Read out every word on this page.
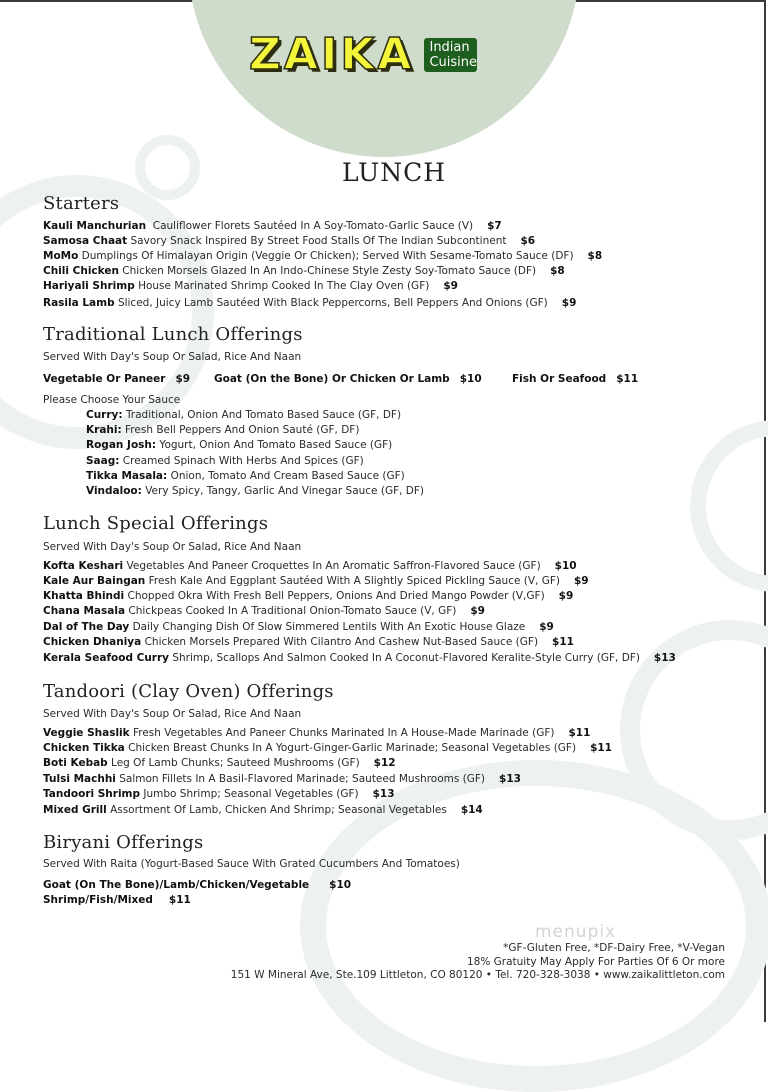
ZAIKA Indian
Cuisine
LUNCH
Starters
Kauli Manchurian Cauliflower Florets Sautéed In A Soy-Tomato-Garlic Sauce (V) $7
Samosa Chaat Savory Snack Inspired By Street Food Stalls Of The Indian Subcontinent $6
MoMo Dumplings Of Himalayan Origin (Veggie Or Chicken); Served With Sesame-Tomato Sauce (DF) $8
Chili Chicken Chicken Morsels Glazed In An Indo-Chinese Style Zesty Soy-Tomato Sauce (DF) $8
Hariyali Shrimp House Marinated Shrimp Cooked In The Clay Oven (GF) $9
Rasila Lamb Sliced, Juicy Lamb Sautéed With Black Peppercorns, Bell Peppers And Onions (GF) $9
Traditional Lunch Offerings
Served With Day's Soup Or Salad, Rice And Naan
Vegetable Or Paneer $9 Goat (On the Bone) Or Chicken Or Lamb $10	Fish Or Seafood $11
Please Choose Your Sauce
Curry: Traditional, Onion And Tomato Based Sauce (GF, DF)
Krahi: Fresh Bell Peppers And Onion Sauté (GF, DF)
Rogan Josh: Yogurt, Onion And Tomato Based Sauce (GF)
Saag: Creamed Spinach With Herbs And Spices (GF)
Tikka Masala: Onion, Tomato And Cream Based Sauce (GF)
Vindaloo: Very Spicy, Tangy, Garlic And Vinegar Sauce (GF, DF)
Lunch Special Offerings
Served With Day's Soup Or Salad, Rice And Naan
Kofta Keshari Vegetables And Paneer Croquettes In An Aromatic Saffron-Flavored Sauce (GF) $10
Kale Aur Baingan Fresh Kale And Eggplant Sautéed With A Slightly Spiced Pickling Sauce (V, GF) $9
Khatta Bhindi Chopped Okra With Fresh Bell Peppers, Onions And Dried Mango Powder (V,GF) $9
Chana Masala Chickpeas Cooked In A Traditional Onion-Tomato Sauce (V, GF) $9
Dal of The Day Daily Changing Dish Of Slow Simmered Lentils With An Exotic House Glaze $9
Chicken Dhaniya Chicken Morsels Prepared With Cilantro And Cashew Nut-Based Sauce (GF) $11
Kerala Seafood Curry Shrimp, Scallops And Salmon Cooked In A Coconut-Flavored Keralite-Style Curry (GF, DF) $13
Tandoori (Clay Oven) Offerings
Served With Day's Soup Or Salad, Rice And Naan
Veggie Shaslik Fresh Vegetables And Paneer Chunks Marinated In A House-Made Marinade (GF) $11
Chicken Tikka Chicken Breast Chunks In A Yogurt-Ginger-Garlic Marinade; Seasonal Vegetables (GF) $11
Boti Kebab Leg Of Lamb Chunks; Sauteed Mushrooms (GF) $12
Tulsi Machhi Salmon Fillets In A Basil-Flavored Marinade; Sauteed Mushrooms (GF) $13
Tandoori Shrimp Jumbo Shrimp; Seasonal Vegetables (GF) $13
Mixed Grill Assortment Of Lamb, Chicken And Shrimp; Seasonal Vegetables $14
Biryani Offerings
Served With Raita (Yogurt-Based Sauce With Grated Cucumbers And Tomatoes)
Goat (On The Bone)/Lamb/Chicken/Vegetable $10
Shrimp/Fish/Mixed $11
menupix
*GF-Gluten Free, *DF-Dairy Free, *V-Vegan
18% Gratuity May Apply For Parties Of 6 Or more
151 W Mineral Ave, Ste.109 Littleton, CO 80120 • Tel. 720-328-3038 • www.zaikalittleton.com
